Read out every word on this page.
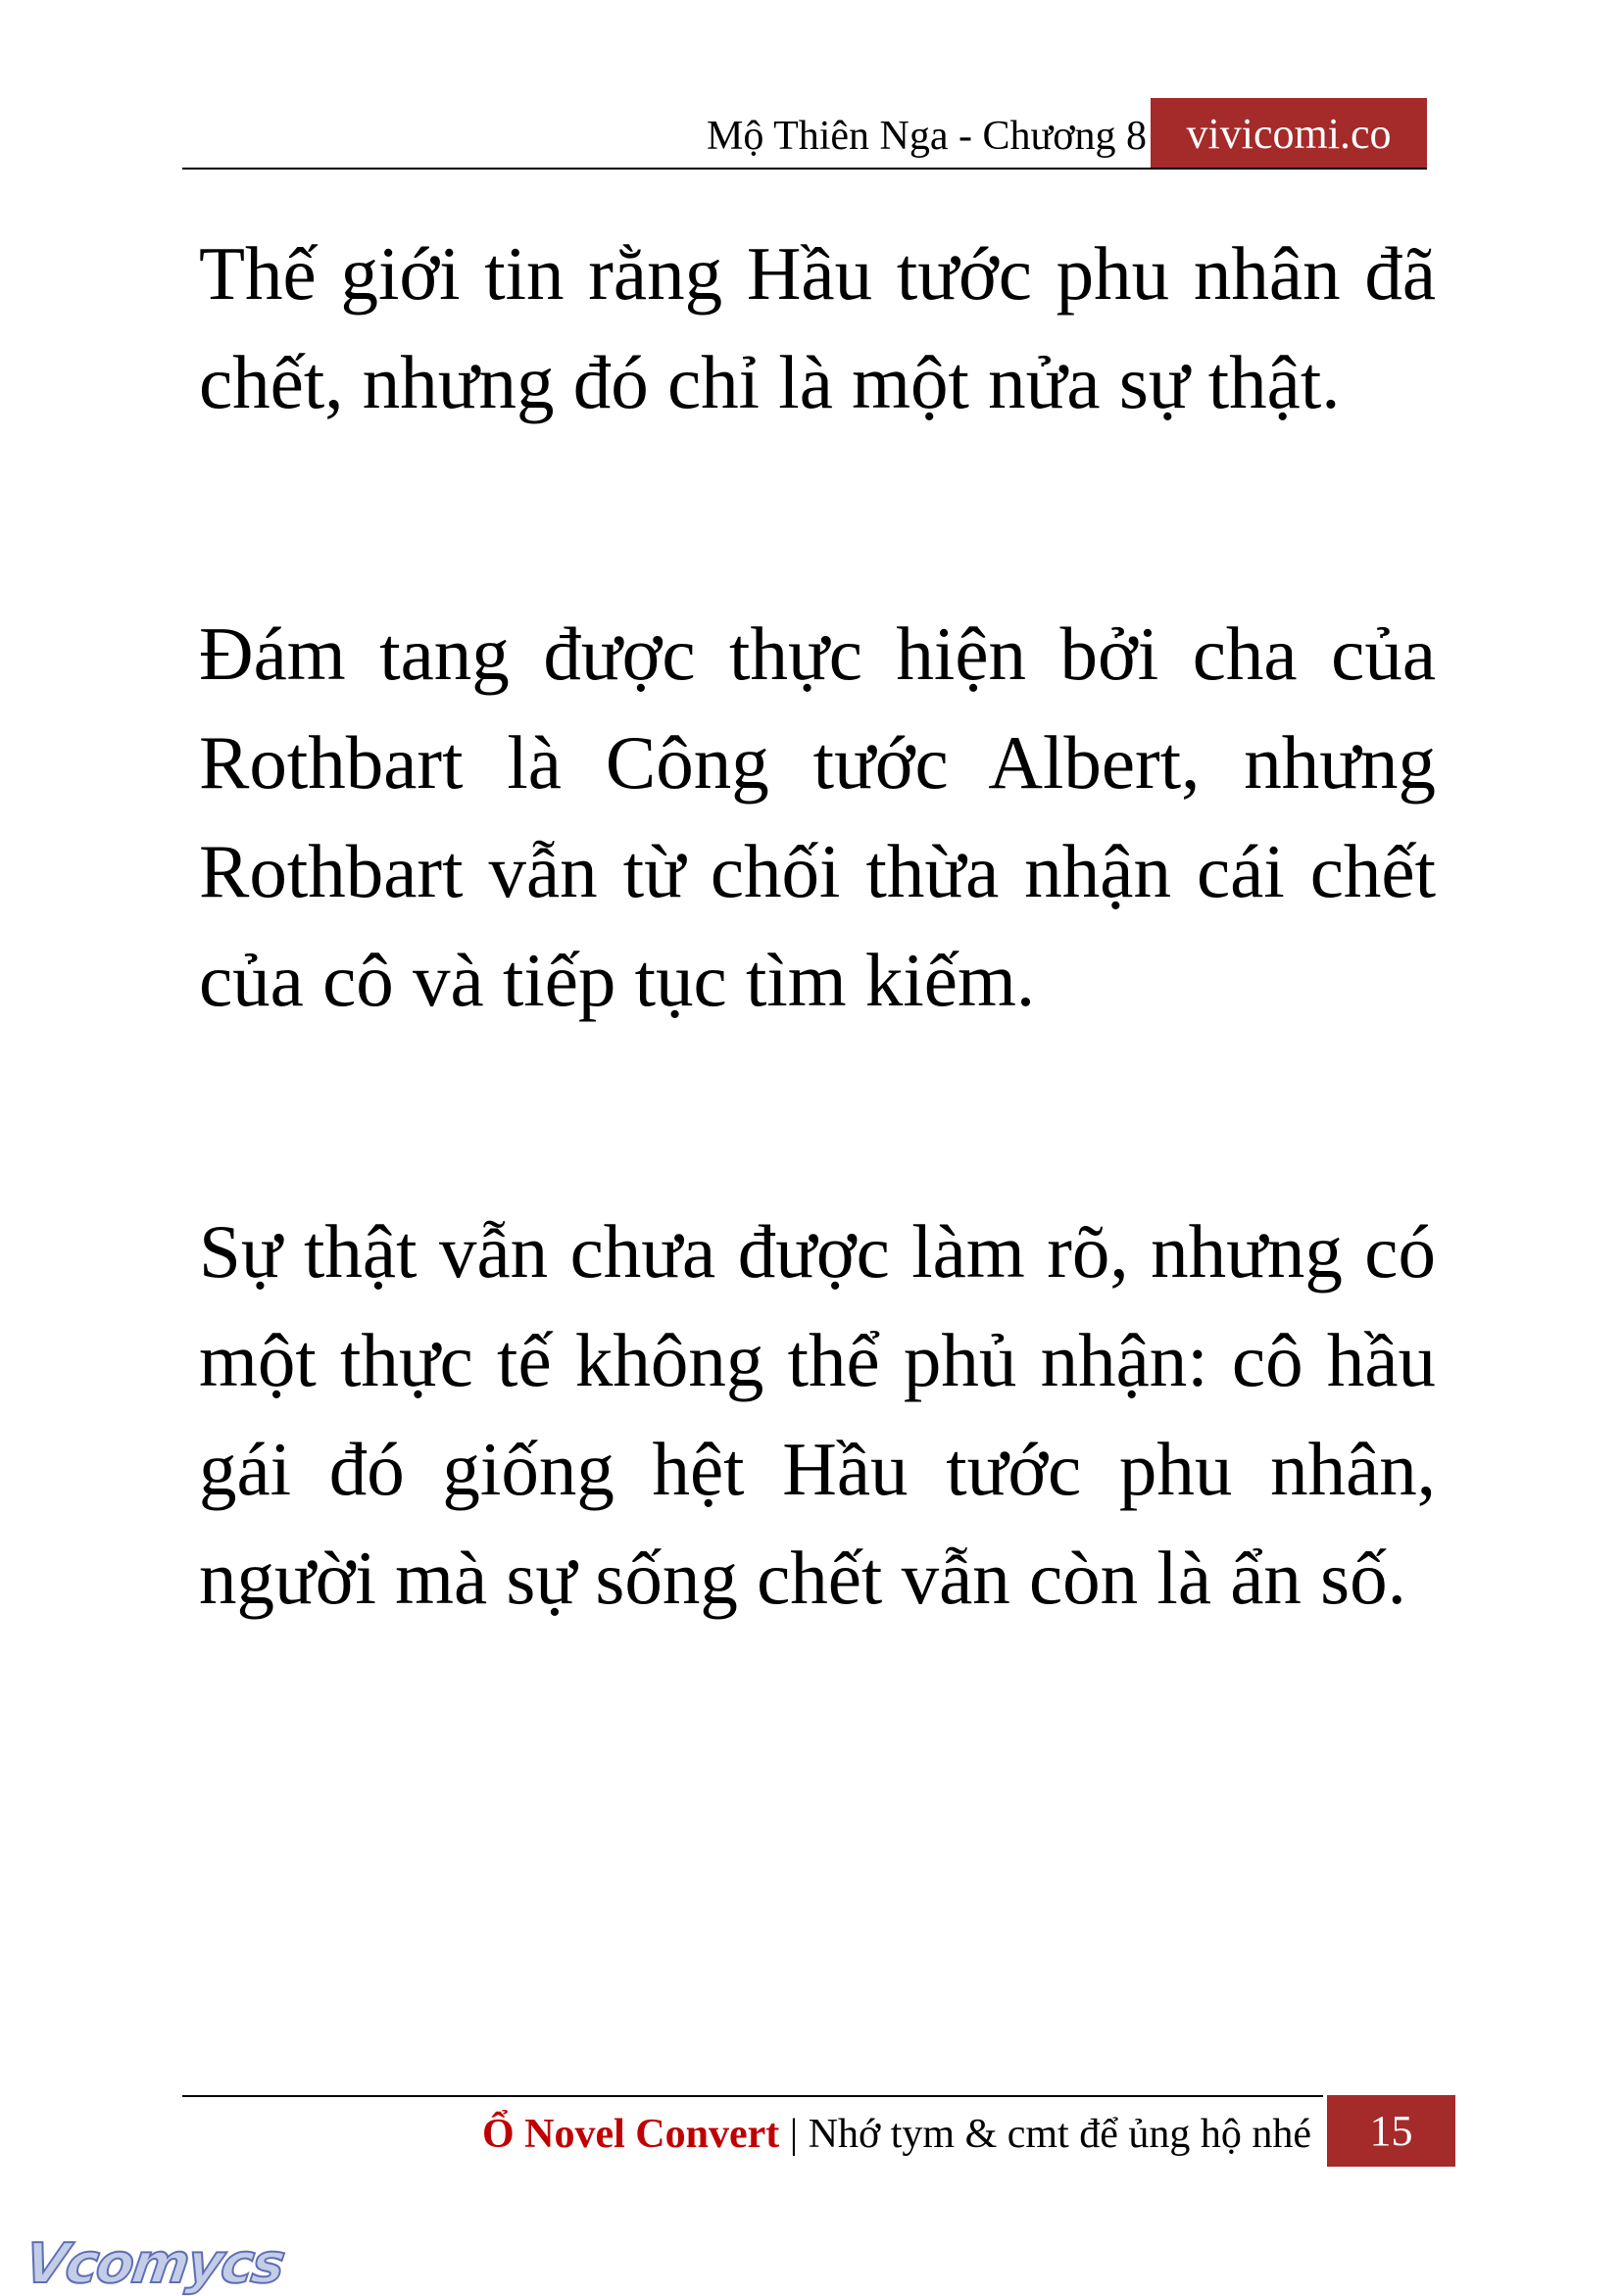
Mộ Thiên Nga - Chương 8 vivicomi.co

Thế giới tin rằng Hầu tước phu nhân đã chết, nhưng đó chỉ là một nửa sự thật.

Đám tang được thực hiện bởi cha của Rothbart là Công tước Albert, nhưng Rothbart vẫn từ chối thừa nhận cái chết của cô và tiếp tục tìm kiếm.

Sự thật vẫn chưa được làm rõ, nhưng có một thực tế không thể phủ nhận: cô hầu gái đó giống hệt Hầu tước phu nhân, người mà sự sống chết vẫn còn là ẩn số.

Ổ Novel Convert | Nhớ tym & cmt để ủng hộ nhé	15
Vcomycs
